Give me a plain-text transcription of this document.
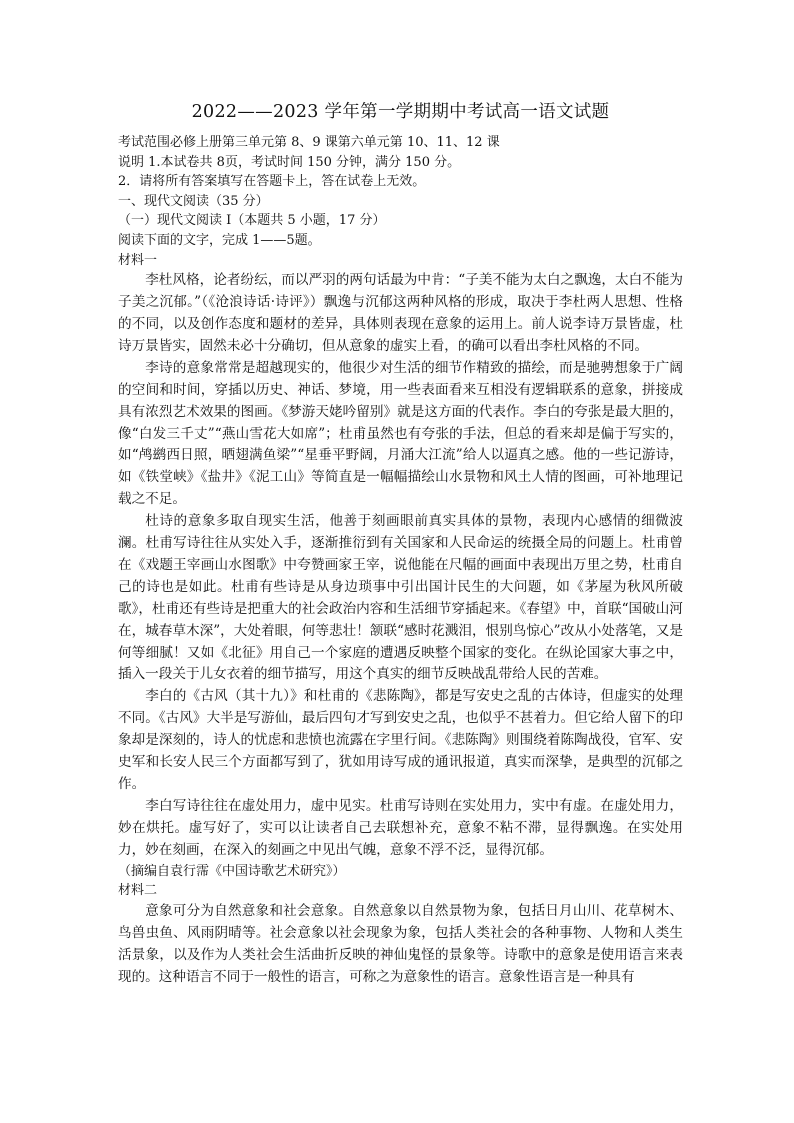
2022——2023 学年第一学期期中考试高一语文试题

考试范围必修上册第三单元第 8、9 课第六单元第 10、11、12 课

说明 1.本试卷共 8页，考试时间 150 分钟，满分 150 分。

2．请将所有答案填写在答题卡上，答在试卷上无效。

一、现代文阅读（35 分）

（一）现代文阅读 I（本题共 5 小题，17 分）

阅读下面的文字，完成 1——5题。

材料一

李杜风格，论者纷纭，而以严羽的两句话最为中肯：“子美不能为太白之飘逸，太白不能为子美之沉郁。”（《沧浪诗话·诗评》）飘逸与沉郁这两种风格的形成，取决于李杜两人思想、性格的不同，以及创作态度和题材的差异，具体则表现在意象的运用上。前人说李诗万景皆虚，杜诗万景皆实，固然未必十分确切，但从意象的虚实上看，的确可以看出李杜风格的不同。

李诗的意象常常是超越现实的，他很少对生活的细节作精致的描绘，而是驰骋想象于广阔的空间和时间，穿插以历史、神话、梦境，用一些表面看来互相没有逻辑联系的意象，拼接成具有浓烈艺术效果的图画。《梦游天姥吟留别》就是这方面的代表作。李白的夸张是最大胆的，像“白发三千丈”“燕山雪花大如席”；杜甫虽然也有夸张的手法，但总的看来却是偏于写实的，如“鸬鹚西日照，晒翅满鱼梁”“星垂平野阔，月涌大江流”给人以逼真之感。他的一些记游诗，如《铁堂峡》《盐井》《泥工山》等简直是一幅幅描绘山水景物和风土人情的图画，可补地理记载之不足。

杜诗的意象多取自现实生活，他善于刻画眼前真实具体的景物，表现内心感情的细微波澜。杜甫写诗往往从实处入手，逐渐推衍到有关国家和人民命运的统摄全局的问题上。杜甫曾在《戏题王宰画山水图歌》中夸赞画家王宰，说他能在尺幅的画面中表现出万里之势，杜甫自己的诗也是如此。杜甫有些诗是从身边琐事中引出国计民生的大问题，如《茅屋为秋风所破歌》，杜甫还有些诗是把重大的社会政治内容和生活细节穿插起来。《春望》中，首联“国破山河在，城春草木深”，大处着眼，何等悲壮！颔联“感时花溅泪，恨别鸟惊心”改从小处落笔，又是何等细腻！又如《北征》用自己一个家庭的遭遇反映整个国家的变化。在纵论国家大事之中，插入一段关于儿女衣着的细节描写，用这个真实的细节反映战乱带给人民的苦难。

李白的《古风（其十九）》和杜甫的《悲陈陶》，都是写安史之乱的古体诗，但虚实的处理不同。《古风》大半是写游仙，最后四句才写到安史之乱，也似乎不甚着力。但它给人留下的印象却是深刻的，诗人的忧虑和悲愤也流露在字里行间。《悲陈陶》则围绕着陈陶战役，官军、安史军和长安人民三个方面都写到了，犹如用诗写成的通讯报道，真实而深挚，是典型的沉郁之作。

李白写诗往往在虚处用力，虚中见实。杜甫写诗则在实处用力，实中有虚。在虚处用力，妙在烘托。虚写好了，实可以让读者自己去联想补充，意象不粘不滞，显得飘逸。在实处用力，妙在刻画，在深入的刻画之中见出气魄，意象不浮不泛，显得沉郁。

（摘编自袁行霈《中国诗歌艺术研究》）

材料二

意象可分为自然意象和社会意象。自然意象以自然景物为象，包括日月山川、花草树木、鸟兽虫鱼、风雨阴晴等。社会意象以社会现象为象，包括人类社会的各种事物、人物和人类生活景象，以及作为人类社会生活曲折反映的神仙鬼怪的景象等。诗歌中的意象是使用语言来表现的。这种语言不同于一般性的语言，可称之为意象性的语言。意象性语言是一种具有
